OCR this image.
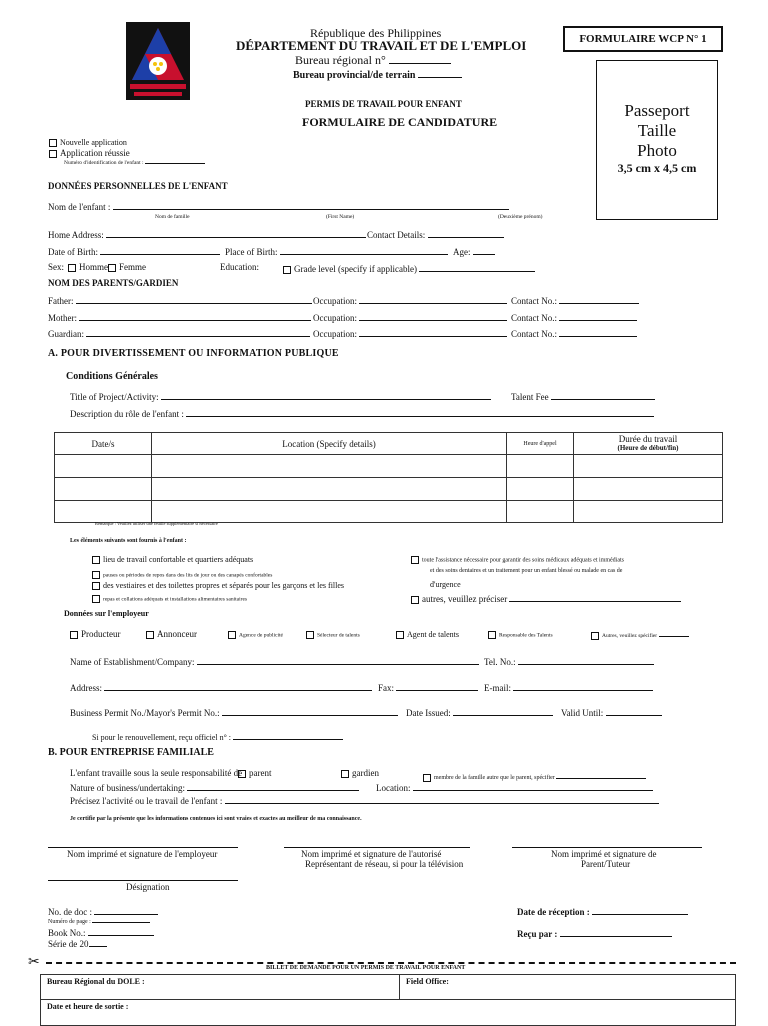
République des Philippines
DÉPARTEMENT DU TRAVAIL ET DE L'EMPLOI
Bureau régional n°
Bureau provincial/de terrain
PERMIS DE TRAVAIL POUR ENFANT
FORMULAIRE DE CANDIDATURE
FORMULAIRE WCP N° 1
Passeport
Taille
Photo
3,5 cm x 4,5 cm
Nouvelle application
Application réussie
Numéro d'identification de l'enfant :
DONNÉES PERSONNELLES DE L'ENFANT
Nom de l'enfant :
Nom de famille	(First Name)	(Deuxième prénom)
Home Address:	Contact Details:
Date of Birth:	Place of Birth:	Age:
Sex:	Homme	Femme	Education:	Grade level (specify if applicable)
NOM DES PARENTS/GARDIEN
Father:	Occupation:	Contact No.:
Mother:	Occupation:	Contact No.:
Guardian:	Occupation:	Contact No.:
A. POUR DIVERTISSEMENT OU INFORMATION PUBLIQUE
Conditions Générales
Title of Project/Activity:	Talent Fee
Description du rôle de l'enfant :
Date/s	Location (Specify details)	Heure d'appel	Durée du travail
(Heure de début/fin)

Remarque : Veuillez utiliser une feuille supplémentaire si nécessaire
Les éléments suivants sont fournis à l'enfant :
lieu de travail confortable et quartiers adéquats
pauses ou périodes de repos dans des lits de jour ou des canapés confortables
des vestiaires et des toilettes propres et séparés pour les garçons et les filles
repas et collations adéquats et installations alimentaires sanitaires
toute l'assistance nécessaire pour garantir des soins médicaux adéquats et immédiats
et des soins dentaires et un traitement pour un enfant blessé ou malade en cas de
d'urgence
autres, veuillez préciser
Données sur l'employeur
Producteur	Annonceur	Agence de publicité	Sélecteur de talents	Agent de talents	Responsable des Talents	Autres, veuillez spécifier
Name of Establishment/Company:	Tel. No.:
Address:	Fax:	E-mail:
Business Permit No./Mayor's Permit No.:	Date Issued:	Valid Until:
Si pour le renouvellement, reçu officiel n° :
B. POUR ENTREPRISE FAMILIALE
L'enfant travaille sous la seule responsabilité de parent	gardien	membre de la famille autre que le parent, spécifier
Nature of business/undertaking:	Location:
Précisez l'activité ou le travail de l'enfant :
Je certifie par la présente que les informations contenues ici sont vraies et exactes au meilleur de ma connaissance.
Nom imprimé et signature de l'employeur	Nom imprimé et signature de l'autorisé
Représentant de réseau, si pour la télévision
Nom imprimé et signature de
Parent/Tuteur
Désignation
No. de doc :
Numéro de page :
Book No.:
Série de 20
Date de réception :
Reçu par :
✂	BILLET DE DEMANDE POUR UN PERMIS DE TRAVAIL POUR ENFANT
Bureau Régional du DOLE :	Field Office:
Date et heure de sortie :
